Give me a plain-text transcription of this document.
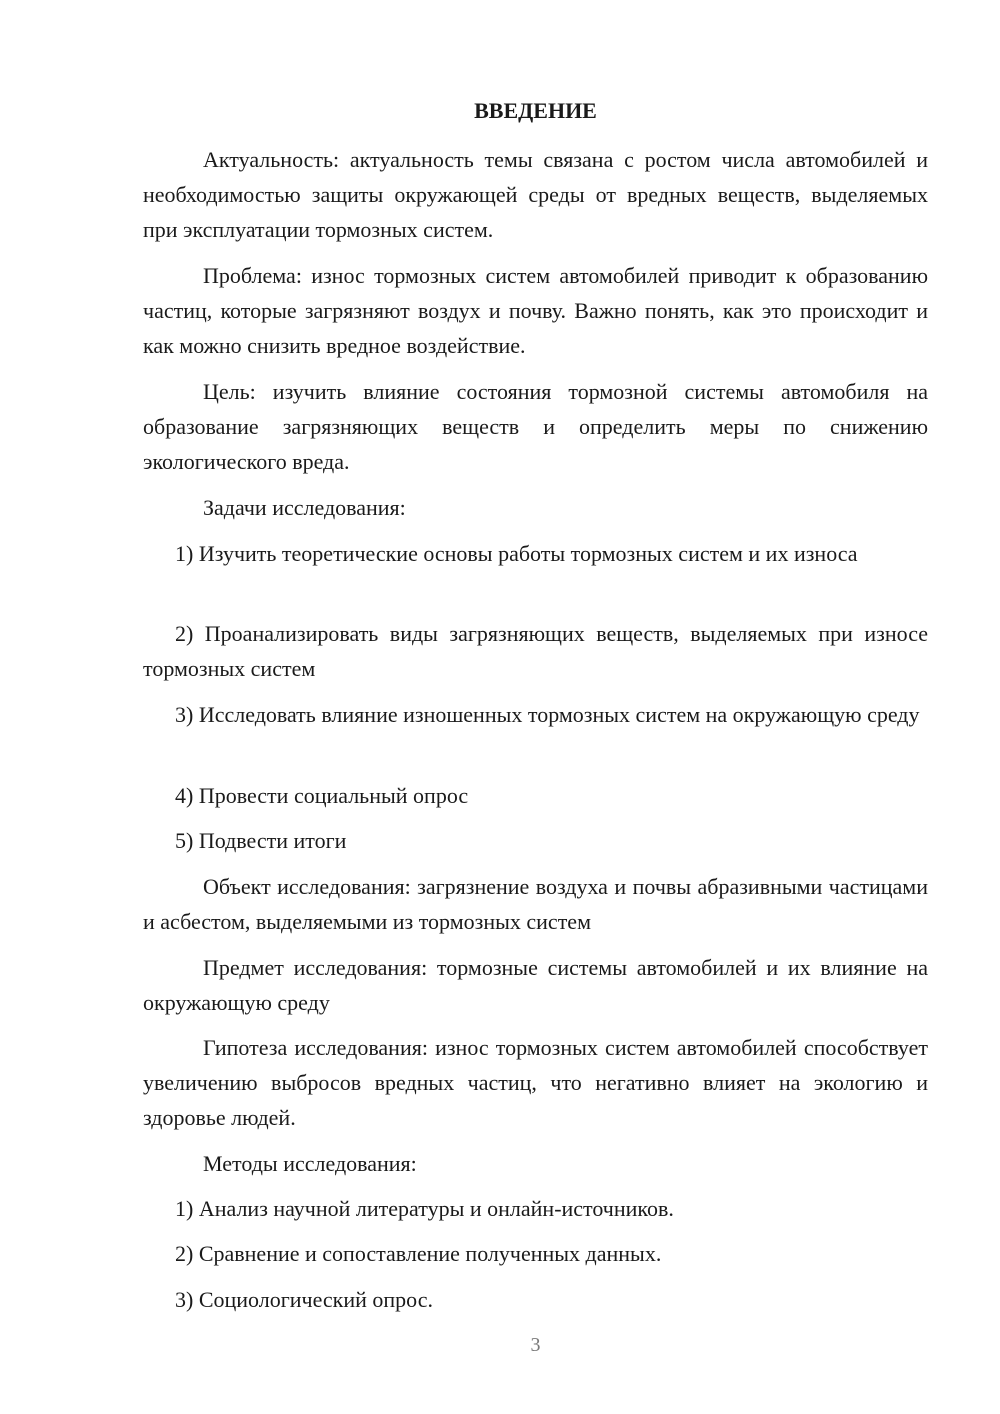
ВВЕДЕНИЕ

Актуальность: актуальность темы связана с ростом числа автомобилей и необходимостью защиты окружающей среды от вредных веществ, выделяемых при эксплуатации тормозных систем.

Проблема: износ тормозных систем автомобилей приводит к образованию частиц, которые загрязняют воздух и почву. Важно понять, как это происходит и как можно снизить вредное воздействие.

Цель: изучить влияние состояния тормозной системы автомобиля на образование загрязняющих веществ и определить меры по снижению экологического вреда.

Задачи исследования:

1) Изучить теоретические основы работы тормозных систем и их износа

2) Проанализировать виды загрязняющих веществ, выделяемых при износе тормозных систем

3) Исследовать влияние изношенных тормозных систем на окружающую среду

4) Провести социальный опрос

5) Подвести итоги

Объект исследования: загрязнение воздуха и почвы абразивными частицами и асбестом, выделяемыми из тормозных систем

Предмет исследования: тормозные системы автомобилей и их влияние на окружающую среду

Гипотеза исследования: износ тормозных систем автомобилей способствует увеличению выбросов вредных частиц, что негативно влияет на экологию и здоровье людей.

Методы исследования:

1) Анализ научной литературы и онлайн-источников.

2) Сравнение и сопоставление полученных данных.

3) Социологический опрос.

3
